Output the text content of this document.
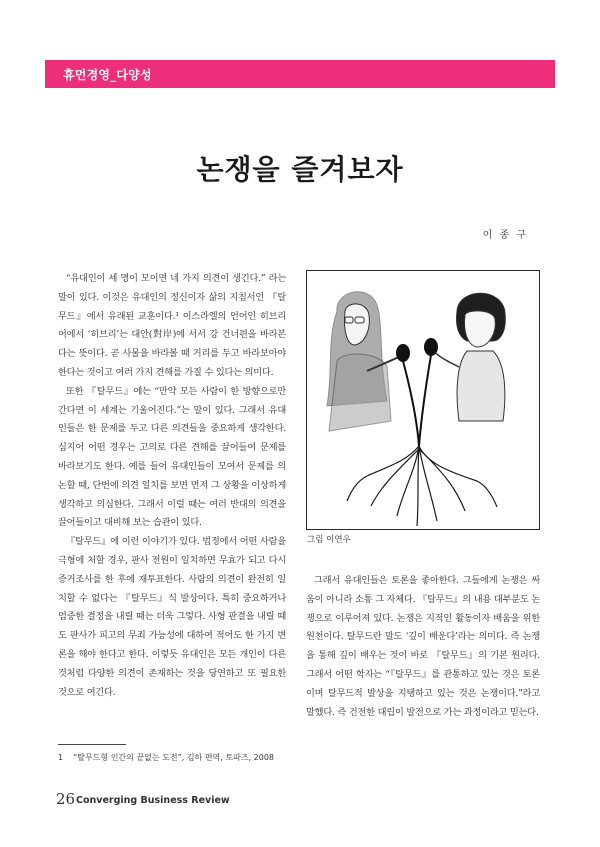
휴먼경영_다양성
논쟁을 즐겨보자
이 종 구

“유대인이 세 명이 모이면 네 가지 의견이 생긴다.” 라는 말이 있다. 이것은 유대인의 정신이자 삶의 지침서인 『탈무드』에서 유래된 교훈이다.¹ 이스라엘의 언어인 히브리어에서 ‘히브리’는 대안(對岸)에 서서 강 건너편을 바라본다는 뜻이다. 곧 사물을 바라볼 때 거리를 두고 바라보아야 한다는 것이고 여러 가지 견해를 가질 수 있다는 의미다.

또한 『탈무드』에는 “만약 모든 사람이 한 방향으로만 간다면 이 세계는 기울어진다.”는 말이 있다. 그래서 유대인들은 한 문제를 두고 다른 의견들을 중요하게 생각한다. 심지어 어떤 경우는 고의로 다른 견해를 끌어들여 문제를 바라보기도 한다. 예를 들어 유대인들이 모여서 문제를 의논할 때, 단번에 의견 일치를 보면 먼저 그 상황을 이상하게 생각하고 의심한다. 그래서 이럴 때는 여러 반대의 의견을 끌어들이고 대비해 보는 습관이 있다.

『탈무드』에 이런 이야기가 있다. 법정에서 어떤 사람을 극형에 처할 경우, 판사 전원이 일치하면 무효가 되고 다시 증거조사를 한 후에 재투표한다. 사람의 의견이 완전히 일치할 수 없다는 『탈무드』식 발상이다. 특히 중요하거나 엄중한 결정을 내릴 때는 더욱 그렇다. 사형 판결을 내릴 때도 판사가 피고의 무죄 가능성에 대하여 적어도 한 가지 변론을 해야 한다고 한다. 이렇듯 유대인은 모든 개인이 다른 것처럼 다양한 의견이 존재하는 것을 당연하고 또 필요한 것으로 여긴다.

그림 이연우

그래서 유대인들은 토론을 좋아한다. 그들에게 논쟁은 싸움이 아니라 소통 그 자체다. 『탈무드』의 내용 대부분도 논쟁으로 이루어져 있다. 논쟁은 지적인 활동이자 배움을 위한 원천이다. 탈무드란 말도 ‘깊이 배운다’라는 의미다. 즉 논쟁을 통해 깊이 배우는 것이 바로 『탈무드』의 기본 원리다. 그래서 어떤 학자는 “『탈무드』를 관통하고 있는 것은 토론이며 탈무드적 발상을 지탱하고 있는 것은 논쟁이다.”라고 말했다. 즉 건전한 대립이 발전으로 가는 과정이라고 믿는다.

1 “탈무드형 인간의 끝없는 도전”, 김하 편역, 토파즈, 2008
26 Converging Business Review
